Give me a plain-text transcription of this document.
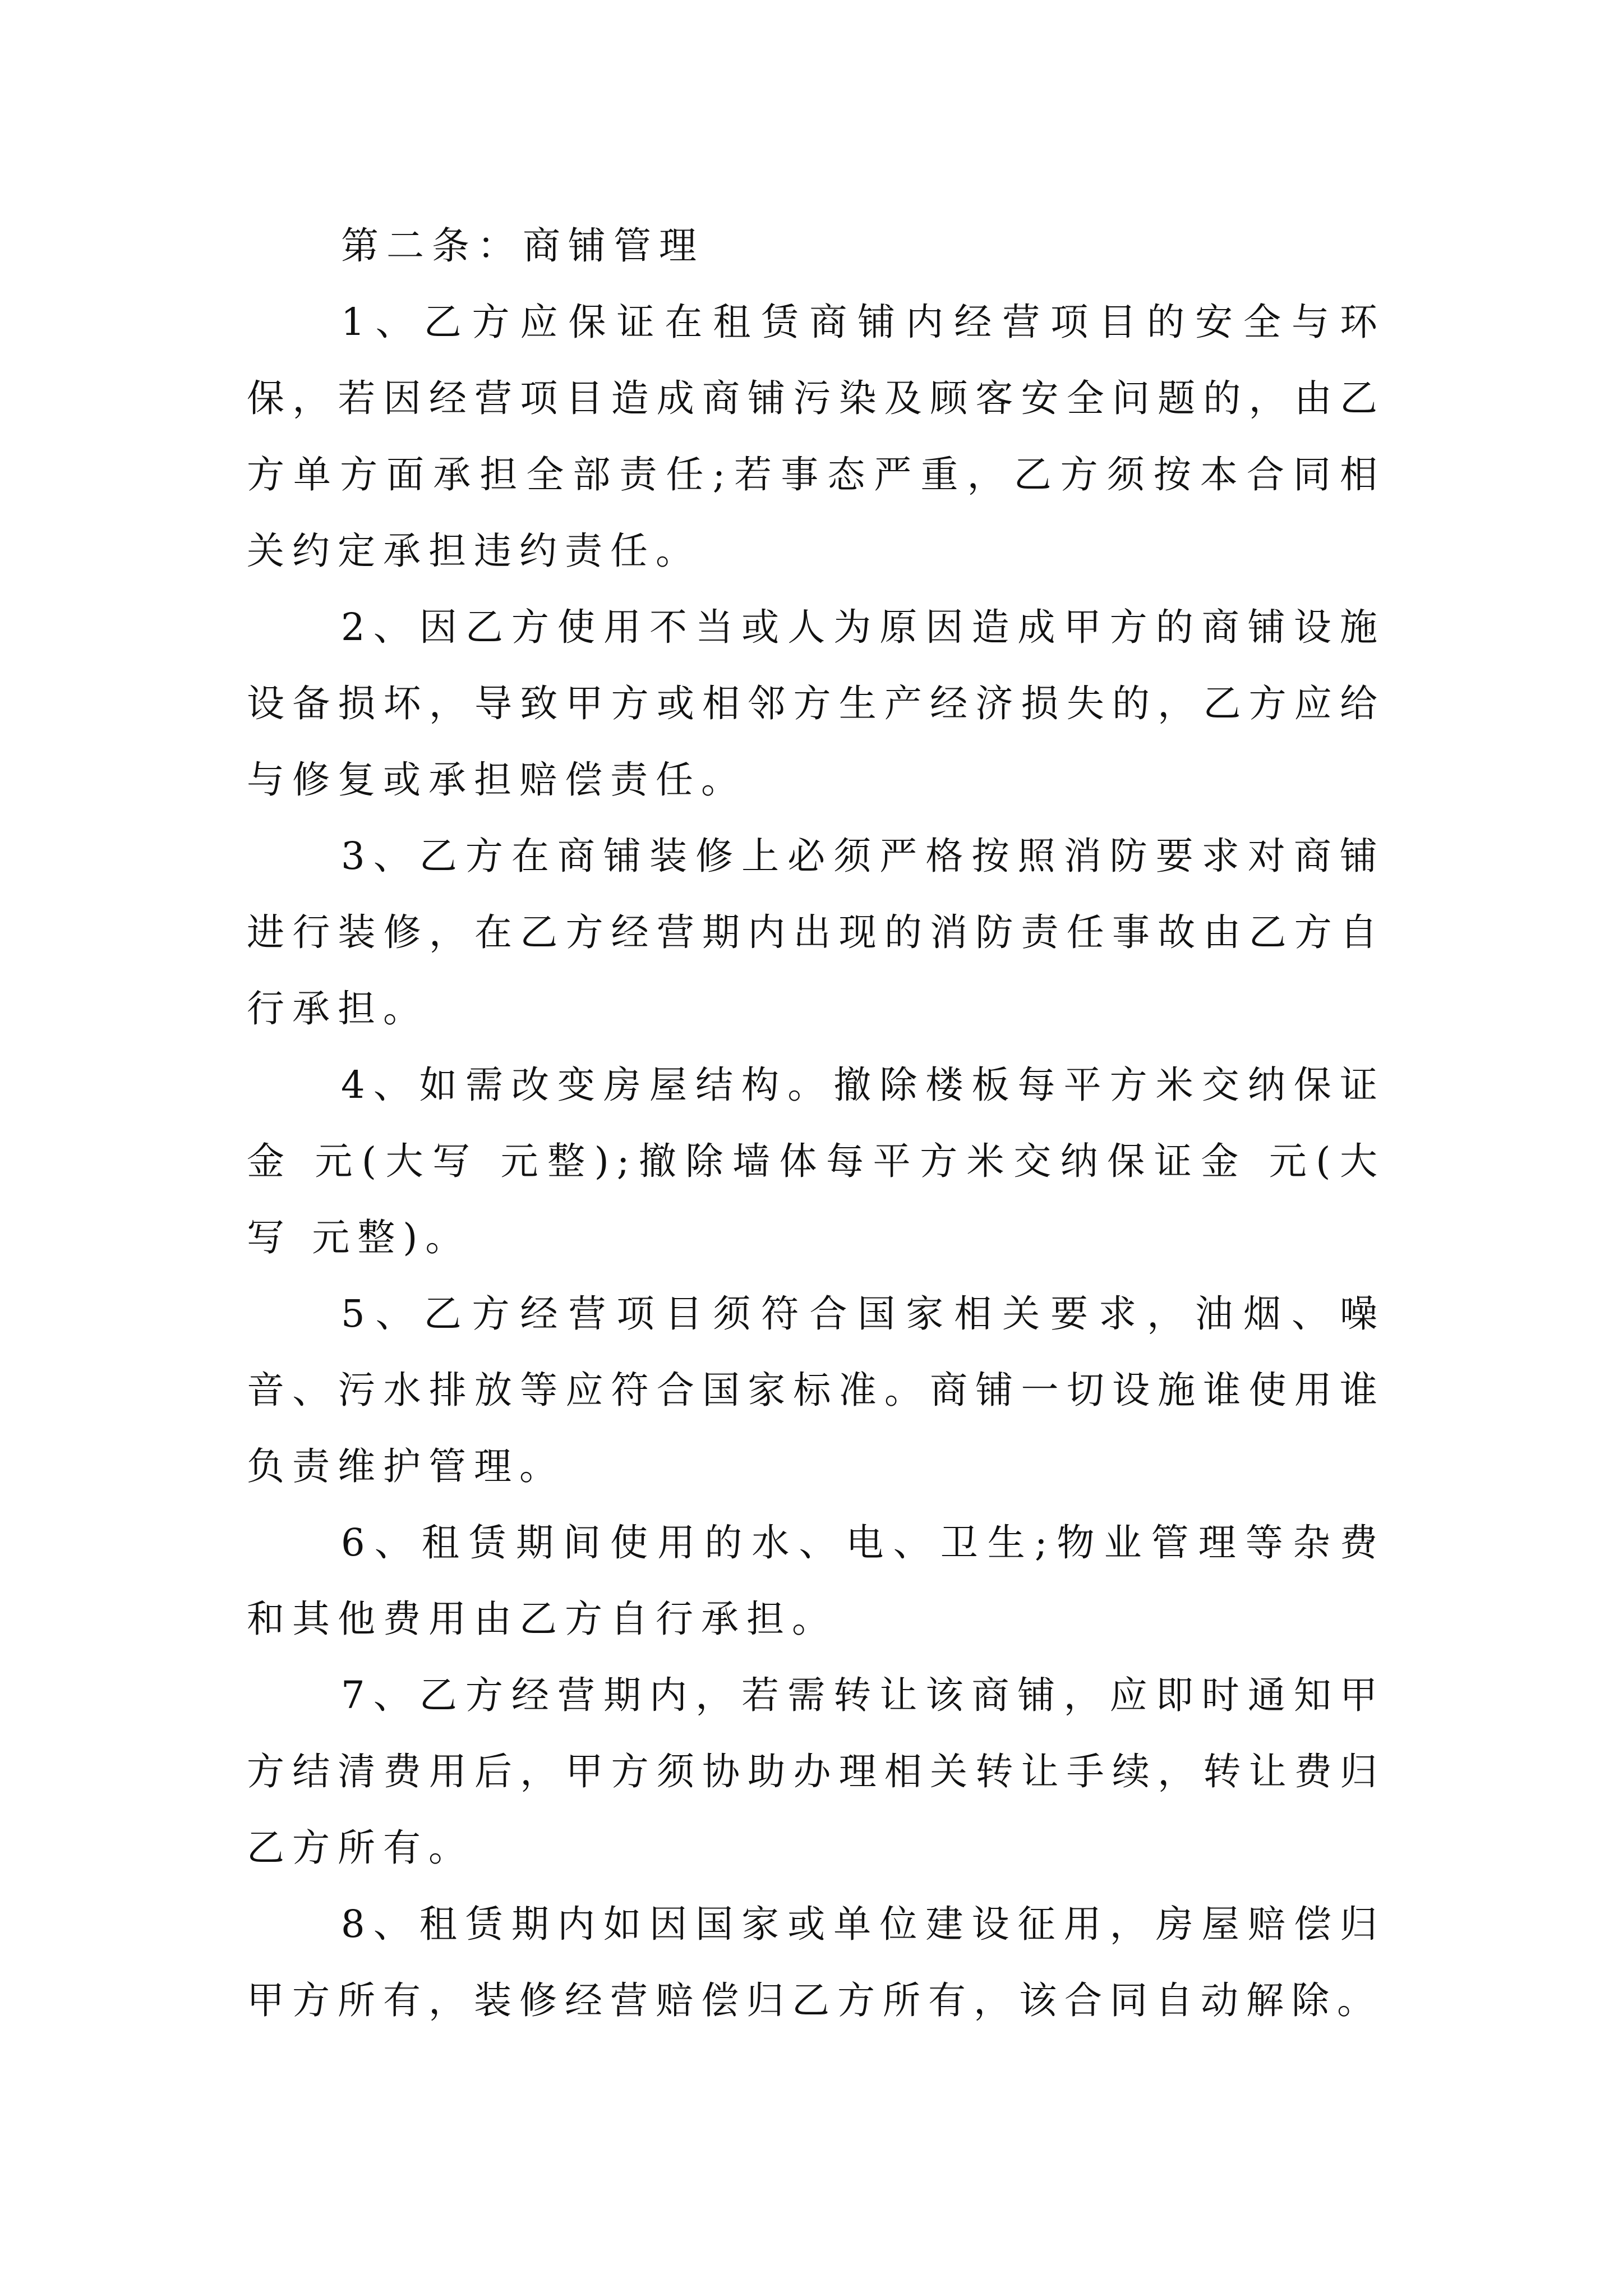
第二条：商铺管理

1、乙方应保证在租赁商铺内经营项目的安全与环保，若因经营项目造成商铺污染及顾客安全问题的，由乙方单方面承担全部责任;若事态严重，乙方须按本合同相关约定承担违约责任。

2、因乙方使用不当或人为原因造成甲方的商铺设施设备损坏，导致甲方或相邻方生产经济损失的，乙方应给与修复或承担赔偿责任。

3、乙方在商铺装修上必须严格按照消防要求对商铺进行装修，在乙方经营期内出现的消防责任事故由乙方自行承担。

4、如需改变房屋结构。撤除楼板每平方米交纳保证金 元(大写 元整);撤除墙体每平方米交纳保证金 元(大写 元整)。

5、乙方经营项目须符合国家相关要求，油烟、噪音、污水排放等应符合国家标准。商铺一切设施谁使用谁负责维护管理。

6、租赁期间使用的水、电、卫生;物业管理等杂费和其他费用由乙方自行承担。

7、乙方经营期内，若需转让该商铺，应即时通知甲方结清费用后，甲方须协助办理相关转让手续，转让费归乙方所有。

8、租赁期内如因国家或单位建设征用，房屋赔偿归甲方所有，装修经营赔偿归乙方所有，该合同自动解除。
